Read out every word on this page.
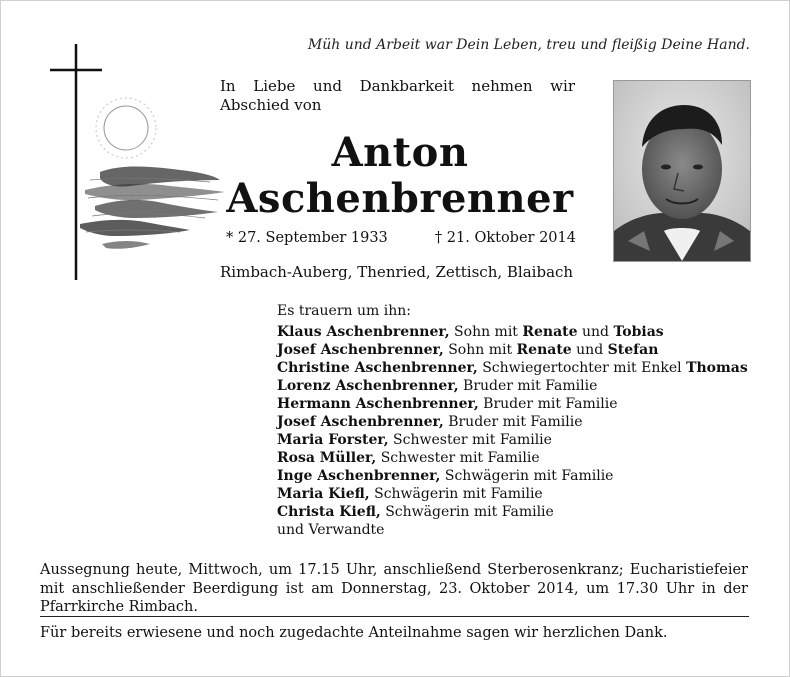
Müh und Arbeit war Dein Leben, treu und fleißig Deine Hand.
In Liebe und Dankbarkeit nehmen wir Abschied von
Anton
Aschenbrenner
* 27. September 1933	† 21. Oktober 2014
Rimbach-Auberg, Thenried, Zettisch, Blaibach
Es trauern um ihn:
Klaus Aschenbrenner, Sohn mit Renate und Tobias
Josef Aschenbrenner, Sohn mit Renate und Stefan
Christine Aschenbrenner, Schwiegertochter mit Enkel Thomas
Lorenz Aschenbrenner, Bruder mit Familie
Hermann Aschenbrenner, Bruder mit Familie
Josef Aschenbrenner, Bruder mit Familie
Maria Forster, Schwester mit Familie
Rosa Müller, Schwester mit Familie
Inge Aschenbrenner, Schwägerin mit Familie
Maria Kiefl, Schwägerin mit Familie
Christa Kiefl, Schwägerin mit Familie
und Verwandte
Aussegnung heute, Mittwoch, um 17.15 Uhr, anschließend Sterberosenkranz; Eucharistiefeier mit anschließender Beerdigung ist am Donnerstag, 23. Oktober 2014, um 17.30 Uhr in der Pfarrkirche Rimbach.
Für bereits erwiesene und noch zugedachte Anteilnahme sagen wir herzlichen Dank.
